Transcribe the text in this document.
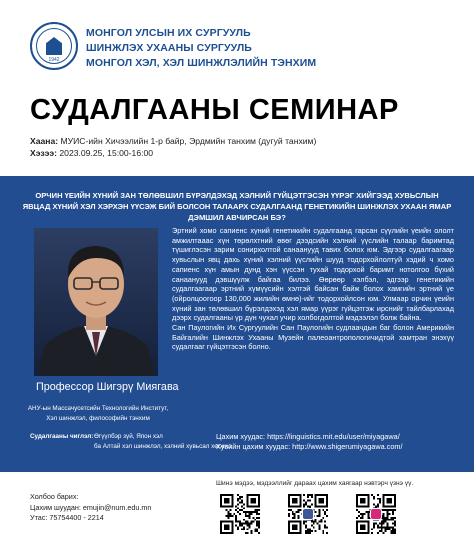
1942
МОНГОЛ УЛСЫН ИХ СУРГУУЛЬ
ШИНЖЛЭХ УХААНЫ СУРГУУЛЬ
МОНГОЛ ХЭЛ, ХЭЛ ШИНЖЛЭЛИЙН ТЭНХИМ
СУДАЛГААНЫ СЕМИНАР
Хаана: МУИС-ийн Хичээлийн 1-р байр, Эрдмийн танхим (дугуй танхим)
Хэзээ: 2023.09.25, 15:00-16:00
ОРЧИН ҮЕИЙН ХҮНИЙ ЗАН ТӨЛӨВШИЛ БҮРЭЛДЭХЭД ХЭЛНИЙ ГҮЙЦЭТГЭСЭН ҮҮРЭГ ХИЙГЭЭД ХУВЬСЛЫН ЯВЦАД ХҮНИЙ ХЭЛ ХЭРХЭН ҮҮСЭЖ БИЙ БОЛСОН ТАЛААРХ СУДАЛГААНД ГЕНЕТИКИЙН ШИНЖЛЭХ УХААН ЯМАР ДЭМШИЛ АВЧИРСАН БЭ?

Эртний хомо сапиенс хүний генетикийн судалгаанд гарсан сүүлийн үеийн ололт амжилтааас хүн төрөлхтний өвөг дээдсийн хэлний үүслийн талаар баримтад түшиглэсэн зарим сонирхолтой санаанууд тавих болох юм. Эдгээр судалгаагаар хувьслын явц дахь хүний хэлний үүслийн шууд тодорхойлолтуй хэдий ч хомо сапиенс хүн амын дунд хэн үүссэн тухай тодорхой баримт нотолгоо бүхий санаанууд дэвшүүлж байгаа билээ. Өөрөөр хэлбэл, эдгээр генетикийн судалгаагаар эртний хүмүүсийн хэлтэй байсан байж болох хамгийн эртний үе (ойролцоогоор 130,000 жилийн өмнө)-ийг тодорхойлсон юм. Улмаар орчин үеийн хүний зан төлөвшил бүрэлдэхэд хэл ямар үүрэг гүйцэтгэж ирснийг тайлбарлахад дээрх судалгааны үр дүн чухал учир холбогдолтой мэдээлэл болж байна.

Сан Паулогийн Их Сургуулийн Сан Паулогийн судлаачдын баг болон Америкийн Байгалийн Шинжлэх Ухааны Музейн палеоантропологичидтой хамтран энэхүү судалгааг гүйцэтгэсэн болно.

Профессор Шигэрү Миягава
АНУ-ын Массачусетсийн Технологийн Институт,
Хэл шинжлэл, философийн тэнхим
Судалгааны чиглэл:Өгүүлбэр зүй, Япон хэл
ба Алтай хэл шинжлэл, хэлний хувьсал хөгжил
Цахим хуудас: https://linguistics.mit.edu/user/miyagawa/
Хувийн цахим хуудас: http://www.shigerumiyagawa.com/
Шинэ мэдээ, мэдээллийг дараах цахим хаягаар нэвтэрч үзнэ үү.
Холбоо барих:
Цахим шуудан: emujin@num.edu.mn
Утас: 75754400 - 2214
